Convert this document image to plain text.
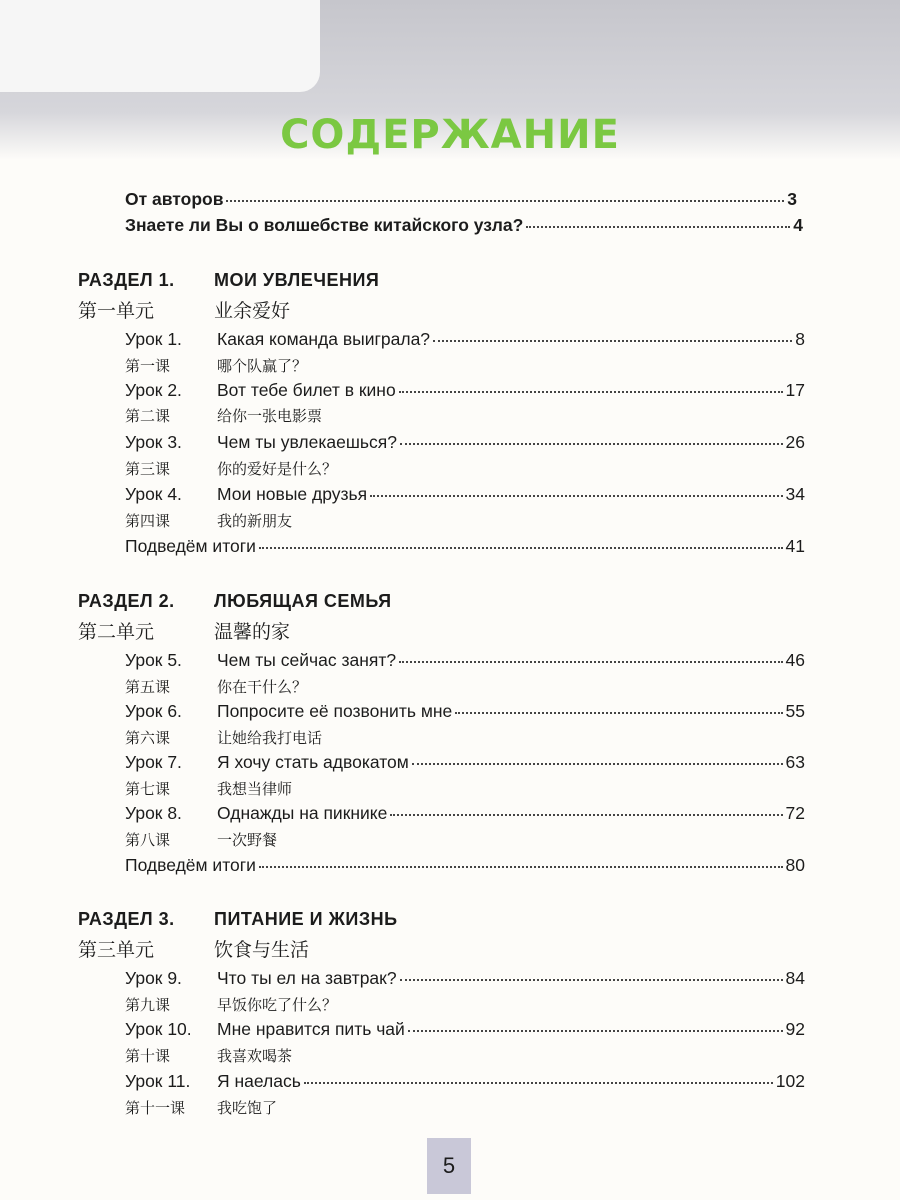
СОДЕРЖАНИЕ
От авторов	3
Знаете ли Вы о волшебстве китайского узла?	4
РАЗДЕЛ 1. МОИ УВЛЕЧЕНИЯ
第一单元	业余爱好
Урок 1. Какая команда выиграла?	8
第一课	哪个队赢了？
Урок 2. Вот тебе билет в кино	17
第二课	给你一张电影票
Урок 3. Чем ты увлекаешься?	26
第三课	你的爱好是什么？
Урок 4. Мои новые друзья	34
第四课	我的新朋友
Подведём итоги	41
РАЗДЕЛ 2. ЛЮБЯЩАЯ СЕМЬЯ
第二单元	温馨的家
Урок 5. Чем ты сейчас занят?	46
第五课	你在干什么？
Урок 6. Попросите её позвонить мне	55
第六课	让她给我打电话
Урок 7. Я хочу стать адвокатом	63
第七课	我想当律师
Урок 8. Однажды на пикнике	72
第八课	一次野餐
Подведём итоги	80
РАЗДЕЛ 3. ПИТАНИЕ И ЖИЗНЬ
第三单元	饮食与生活
Урок 9. Что ты ел на завтрак?	84
第九课	早饭你吃了什么？
Урок 10. Мне нравится пить чай	92
第十课	我喜欢喝茶
Урок 11. Я наелась	102
第十一课 我吃饱了
5
